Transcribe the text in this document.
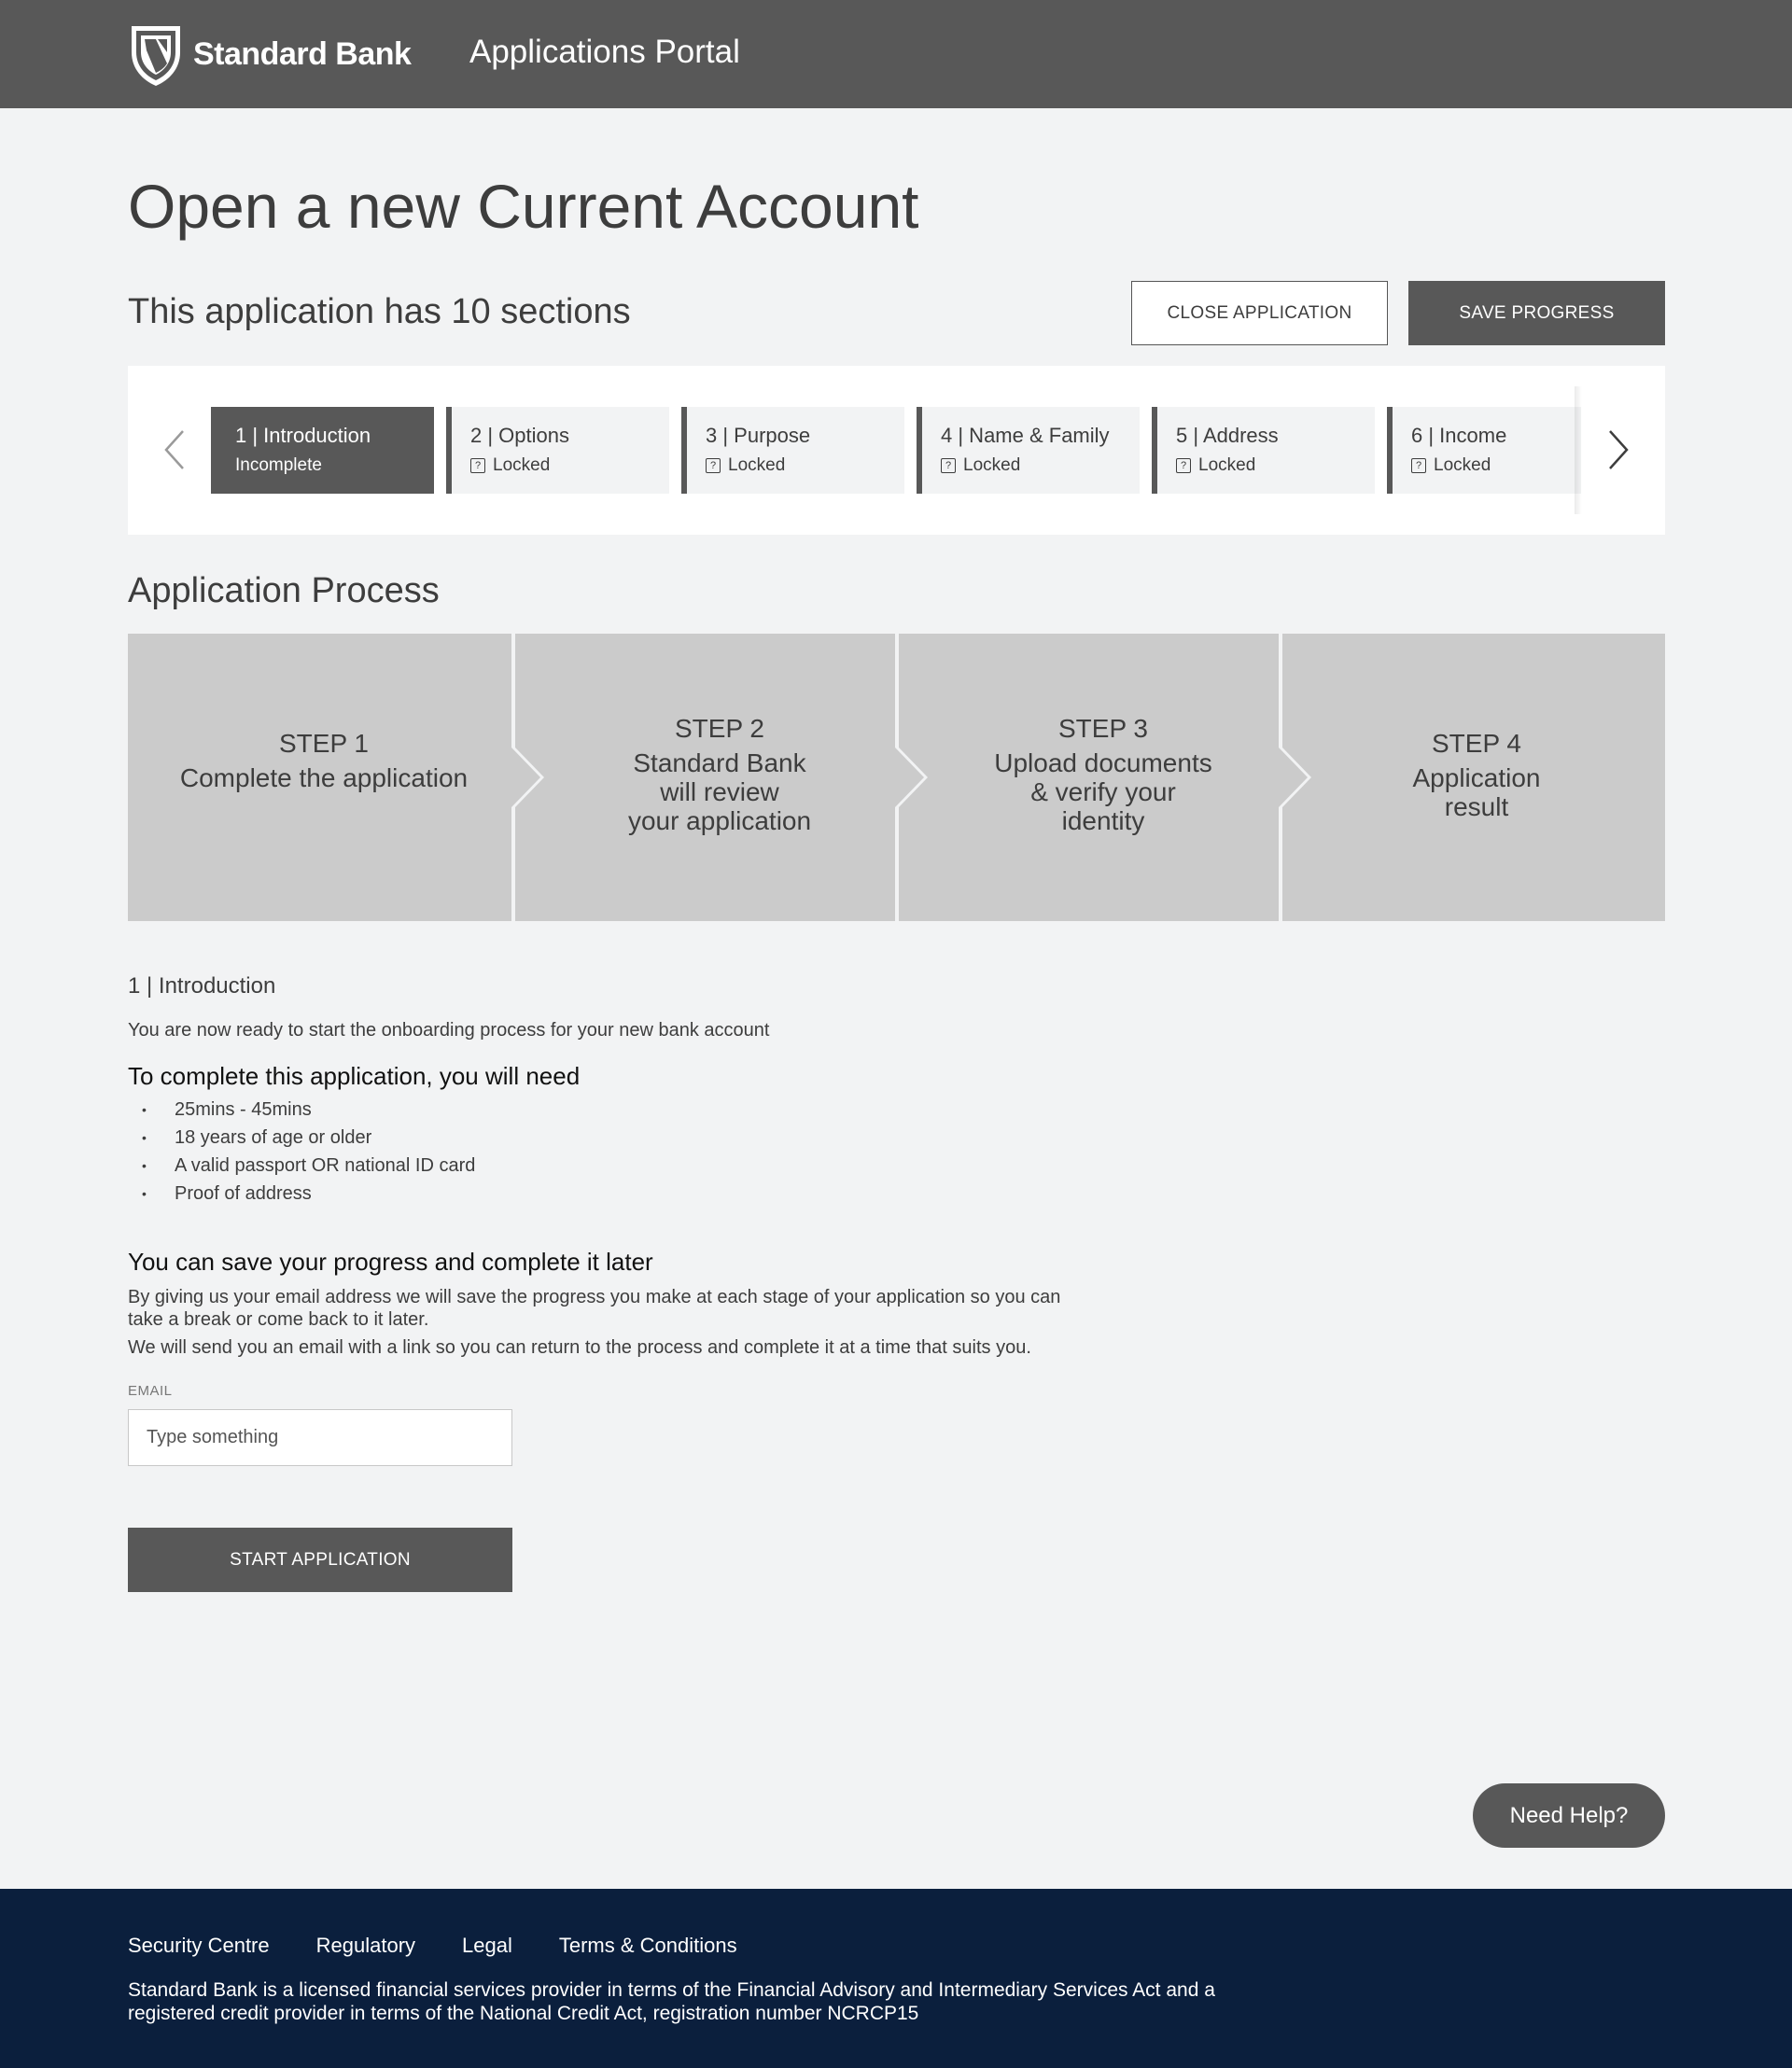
Standard Bank Applications Portal
Open a new Current Account
This application has 10 sections	CLOSE APPLICATION	SAVE PROGRESS
1 | Introduction
Incomplete
2 | Options
? Locked
3 | Purpose
? Locked
4 | Name & Family
? Locked
5 | Address
? Locked
6 | Income
? Locked
Application Process
STEP 1
Complete the application
STEP 2
Standard Bank
will review
your application
STEP 3
Upload documents
& verify your
identity
STEP 4
Application
result
1 | Introduction
You are now ready to start the onboarding process for your new bank account
To complete this application, you will need
• 25mins - 45mins
• 18 years of age or older
• A valid passport OR national ID card
• Proof of address
You can save your progress and complete it later
By giving us your email address we will save the progress you make at each stage of your application so you can take a break or come back to it later.
We will send you an email with a link so you can return to the process and complete it at a time that suits you.
EMAIL
Type something
START APPLICATION
Need Help?
Security Centre Regulatory Legal Terms & Conditions
Standard Bank is a licensed financial services provider in terms of the Financial Advisory and Intermediary Services Act and a registered credit provider in terms of the National Credit Act, registration number NCRCP15
